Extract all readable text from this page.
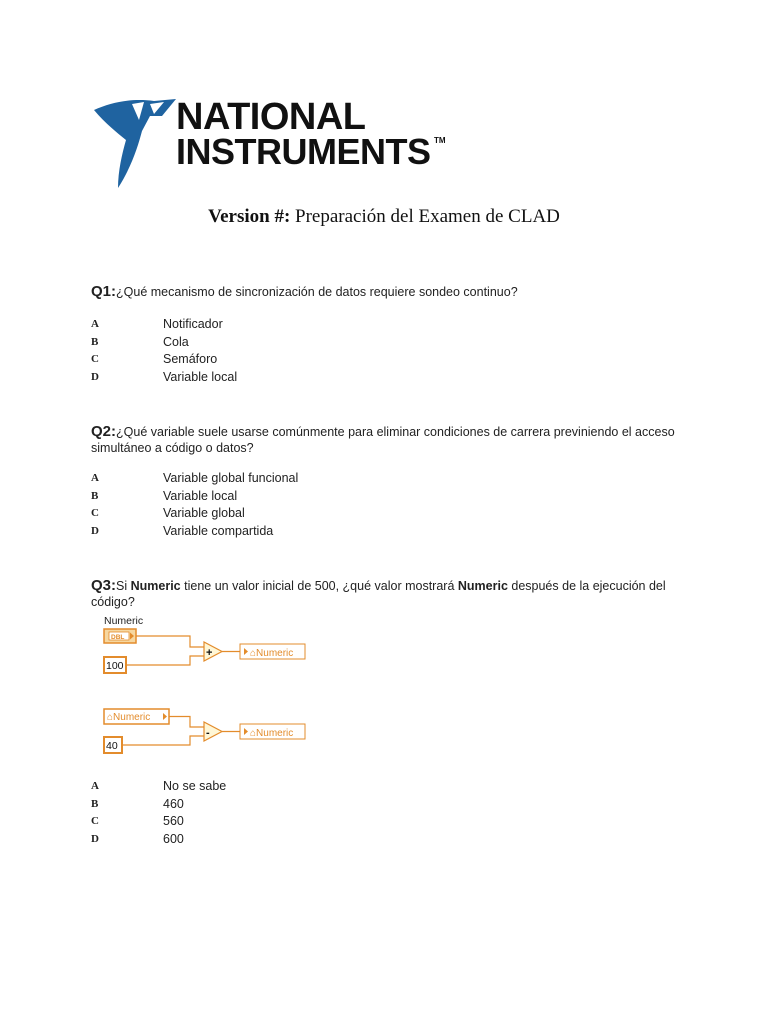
NATIONAL
INSTRUMENTS TM
Version #: Preparación del Examen de CLAD
Q1:¿Qué mecanismo de sincronización de datos requiere sondeo continuo?
A	Notificador
B	Cola
C	Semáforo
D	Variable local
Q2:¿Qué variable suele usarse comúnmente para eliminar condiciones de carrera previniendo el acceso simultáneo a código o datos?
A	Variable global funcional
B	Variable local
C	Variable global
D	Variable compartida
Q3:Si Numeric tiene un valor inicial de 500, ¿qué valor mostrará Numeric después de la ejecución del código?
Numeric
DBL
100
+	⌂Numeric
⌂Numeric
40
-	⌂Numeric
A	No se sabe
B	460
C	560
D	600
